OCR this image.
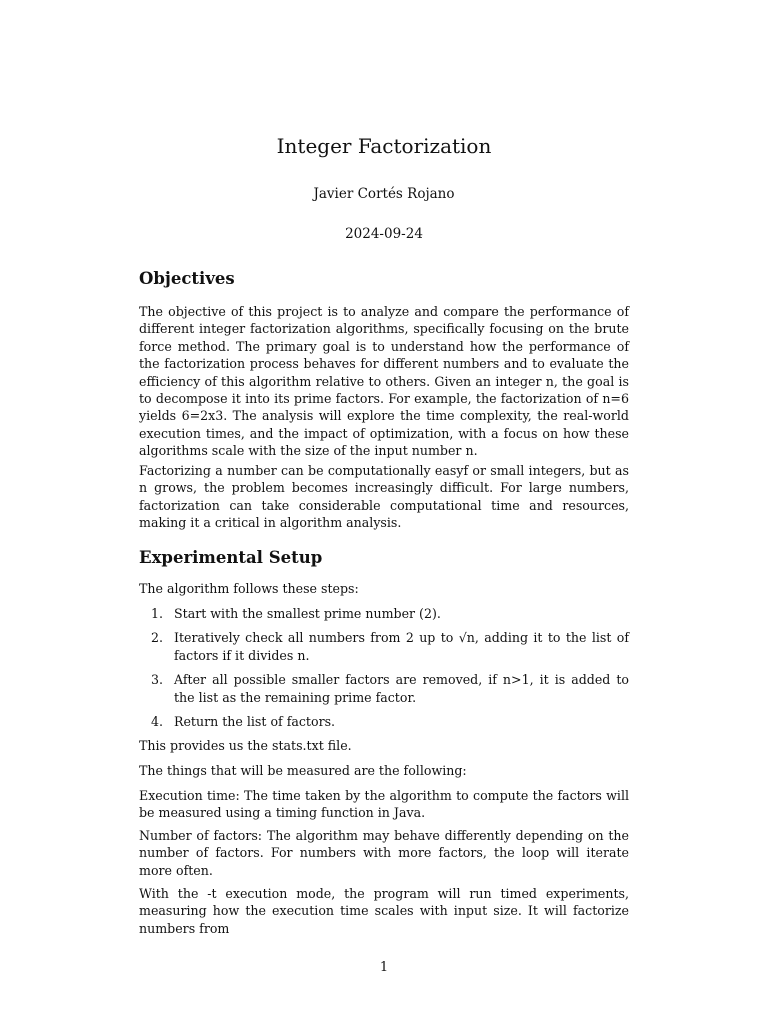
Integer Factorization
Javier Cortés Rojano
2024-09-24
Objectives

The objective of this project is to analyze and compare the performance of different integer factorization algorithms, specifically focusing on the brute force method. The primary goal is to understand how the performance of the factorization process behaves for different numbers and to evaluate the efficiency of this algorithm relative to others. Given an integer n, the goal is to decompose it into its prime factors. For example, the factorization of n=6 yields 6=2x3. The analysis will explore the time complexity, the real-world execution times, and the impact of optimization, with a focus on how these algorithms scale with the size of the input number n.

Factorizing a number can be computationally easyf or small integers, but as n grows, the problem becomes increasingly difficult. For large numbers, factorization can take considerable computational time and resources, making it a critical in algorithm analysis.

Experimental Setup

The algorithm follows these steps:

1. Start with the smallest prime number (2).
2. Iteratively check all numbers from 2 up to √n, adding it to the list of factors if it divides n.
3. After all possible smaller factors are removed, if n>1, it is added to the list as the remaining prime factor.
4. Return the list of factors.

This provides us the stats.txt file.

The things that will be measured are the following:

Execution time: The time taken by the algorithm to compute the factors will be measured using a timing function in Java.

Number of factors: The algorithm may behave differently depending on the number of factors. For numbers with more factors, the loop will iterate more often.

With the -t execution mode, the program will run timed experiments, measuring how the execution time scales with input size. It will factorize numbers from

1
